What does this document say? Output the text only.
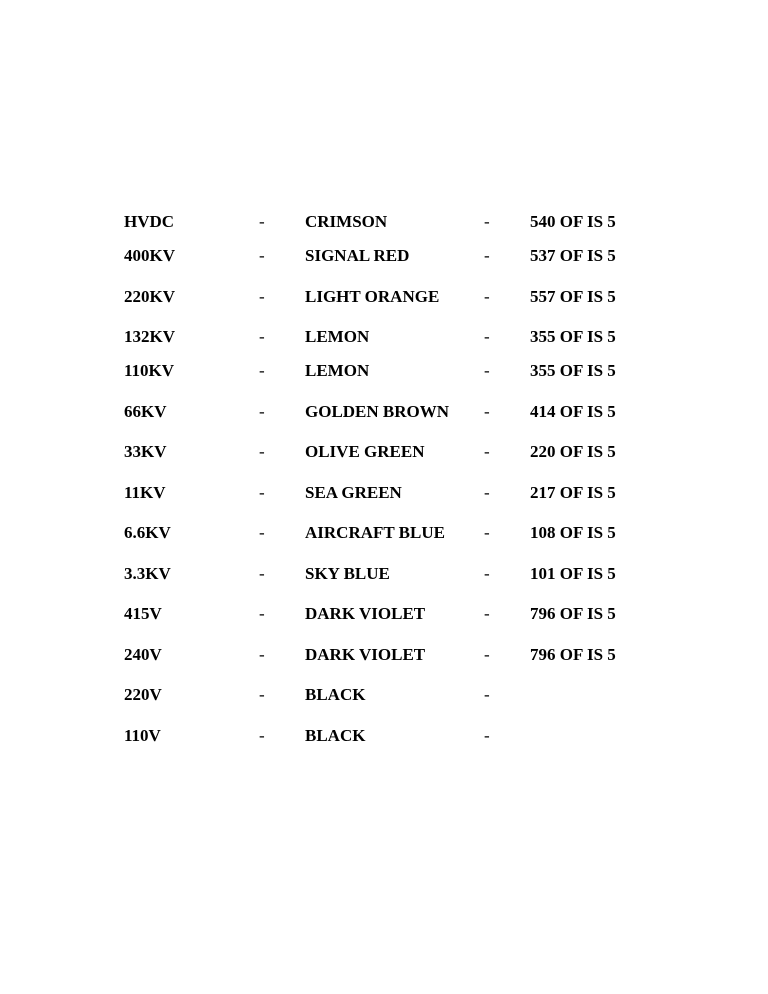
HVDC	- CRIMSON	- 540 OF IS 5
400KV	- SIGNAL RED	- 537 OF IS 5
220KV	- LIGHT ORANGE	- 557 OF IS 5
132KV	- LEMON	- 355 OF IS 5
110KV	- LEMON	- 355 OF IS 5
66KV	- GOLDEN BROWN - 414 OF IS 5
33KV	- OLIVE GREEN	- 220 OF IS 5
11KV	- SEA GREEN	- 217 OF IS 5
6.6KV	- AIRCRAFT BLUE - 108 OF IS 5
3.3KV	- SKY BLUE	- 101 OF IS 5
415V	- DARK VIOLET	- 796 OF IS 5
240V	- DARK VIOLET	- 796 OF IS 5
220V	- BLACK	-
110V	- BLACK	-
